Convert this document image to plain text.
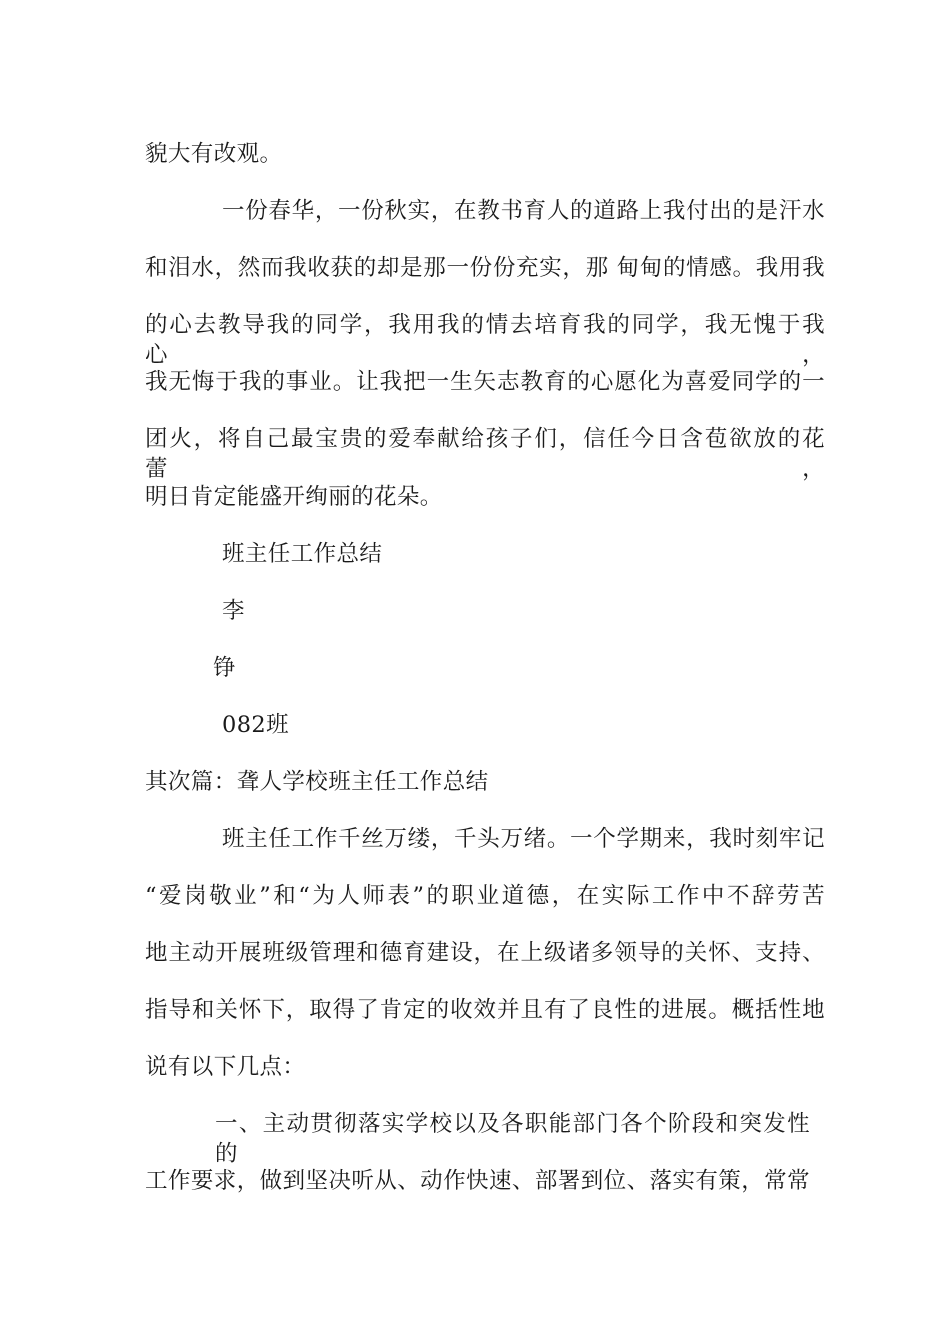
貌大有改观。
一份春华，一份秋实，在教书育人的道路上我付出的是汗水
和泪水，然而我收获的却是那一份份充实，那 甸甸的情感。我用我
的心去教导我的同学，我用我的情去培育我的同学，我无愧于我心，
我无悔于我的事业。让我把一生矢志教育的心愿化为喜爱同学的一
团火，将自己最宝贵的爱奉献给孩子们，信任今日含苞欲放的花蕾，
明日肯定能盛开绚丽的花朵。
班主任工作总结
李
铮
082班
其次篇：聋人学校班主任工作总结
班主任工作千丝万缕，千头万绪。一个学期来，我时刻牢记
“爱岗敬业”和“为人师表”的职业道德，在实际工作中不辞劳苦
地主动开展班级管理和德育建设，在上级诸多领导的关怀、支持、
指导和关怀下，取得了肯定的收效并且有了良性的进展。概括性地
说有以下几点：
一、主动贯彻落实学校以及各职能部门各个阶段和突发性的
工作要求，做到坚决听从、动作快速、部署到位、落实有策，常常
